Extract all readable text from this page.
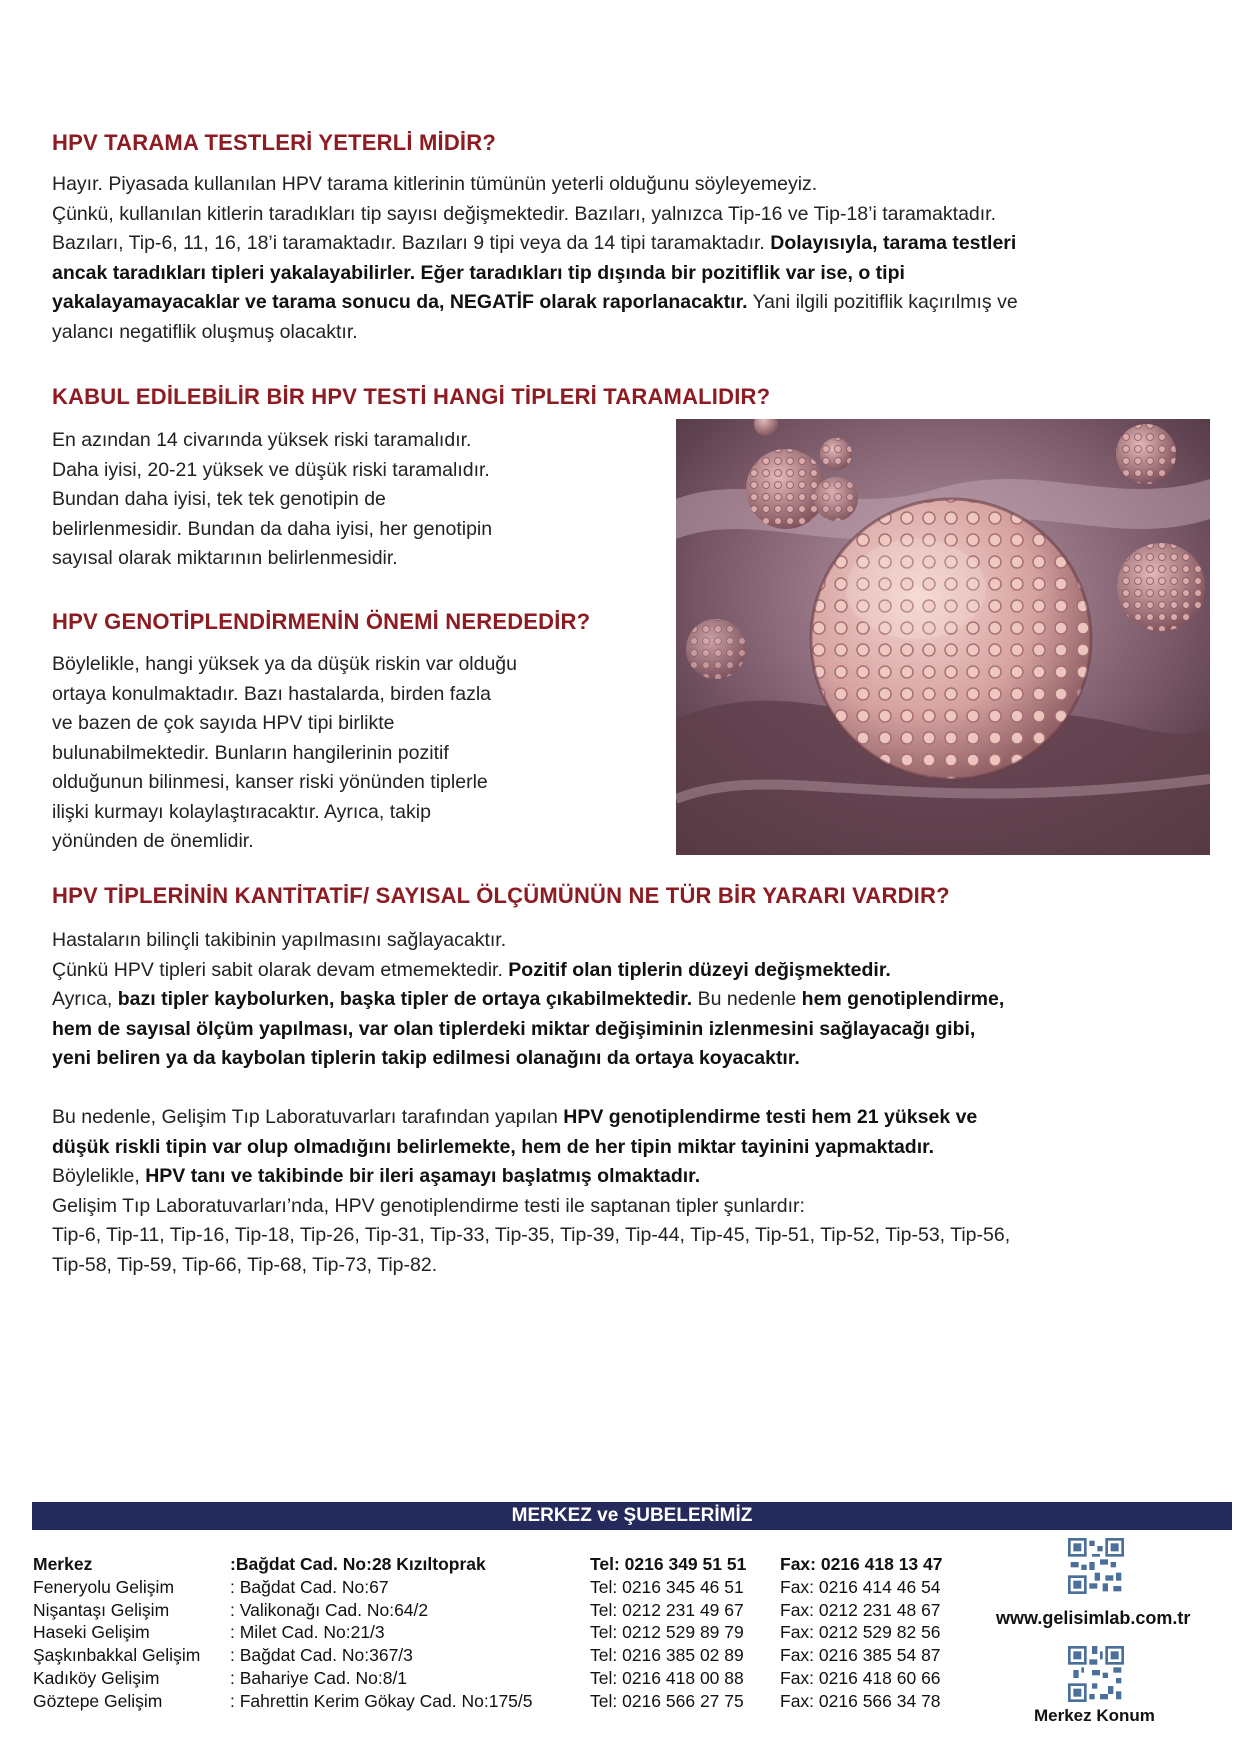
HPV TARAMA TESTLERİ YETERLİ MİDİR?

Hayır. Piyasada kullanılan HPV tarama kitlerinin tümünün yeterli olduğunu söyleyemeyiz.

Çünkü, kullanılan kitlerin taradıkları tip sayısı değişmektedir. Bazıları, yalnızca Tip-16 ve Tip-18’i taramaktadır.

Bazıları, Tip-6, 11, 16, 18’i taramaktadır. Bazıları 9 tipi veya da 14 tipi taramaktadır. Dolayısıyla, tarama testleri

ancak taradıkları tipleri yakalayabilirler. Eğer taradıkları tip dışında bir pozitiflik var ise, o tipi

yakalayamayacaklar ve tarama sonucu da, NEGATİF olarak raporlanacaktır. Yani ilgili pozitiflik kaçırılmış ve

yalancı negatiflik oluşmuş olacaktır.

KABUL EDİLEBİLİR BİR HPV TESTİ HANGİ TİPLERİ TARAMALIDIR?

En azından 14 civarında yüksek riski taramalıdır.

Daha iyisi, 20-21 yüksek ve düşük riski taramalıdır.

Bundan daha iyisi, tek tek genotipin de

belirlenmesidir. Bundan da daha iyisi, her genotipin

sayısal olarak miktarının belirlenmesidir.

HPV GENOTİPLENDİRMENİN ÖNEMİ NEREDEDİR?

Böylelikle, hangi yüksek ya da düşük riskin var olduğu

ortaya konulmaktadır. Bazı hastalarda, birden fazla

ve bazen de çok sayıda HPV tipi birlikte

bulunabilmektedir. Bunların hangilerinin pozitif

olduğunun bilinmesi, kanser riski yönünden tiplerle

ilişki kurmayı kolaylaştıracaktır. Ayrıca, takip

yönünden de önemlidir.

HPV TİPLERİNİN KANTİTATİF/ SAYISAL ÖLÇÜMÜNÜN NE TÜR BİR YARARI VARDIR?

Hastaların bilinçli takibinin yapılmasını sağlayacaktır.

Çünkü HPV tipleri sabit olarak devam etmemektedir. Pozitif olan tiplerin düzeyi değişmektedir.

Ayrıca, bazı tipler kaybolurken, başka tipler de ortaya çıkabilmektedir. Bu nedenle hem genotiplendirme,

hem de sayısal ölçüm yapılması, var olan tiplerdeki miktar değişiminin izlenmesini sağlayacağı gibi,

yeni beliren ya da kaybolan tiplerin takip edilmesi olanağını da ortaya koyacaktır.

Bu nedenle, Gelişim Tıp Laboratuvarları tarafından yapılan HPV genotiplendirme testi hem 21 yüksek ve

düşük riskli tipin var olup olmadığını belirlemekte, hem de her tipin miktar tayinini yapmaktadır.

Böylelikle, HPV tanı ve takibinde bir ileri aşamayı başlatmış olmaktadır.

Gelişim Tıp Laboratuvarları’nda, HPV genotiplendirme testi ile saptanan tipler şunlardır:

Tip-6, Tip-11, Tip-16, Tip-18, Tip-26, Tip-31, Tip-33, Tip-35, Tip-39, Tip-44, Tip-45, Tip-51, Tip-52, Tip-53, Tip-56,

Tip-58, Tip-59, Tip-66, Tip-68, Tip-73, Tip-82.

MERKEZ ve ŞUBELERİMİZ
Merkez
Feneryolu Gelişim
Nişantaşı Gelişim
Haseki Gelişim
Şaşkınbakkal Gelişim
Kadıköy Gelişim
Göztepe Gelişim
:Bağdat Cad. No:28 Kızıltoprak
: Bağdat Cad. No:67
: Valikonağı Cad. No:64/2
: Milet Cad. No:21/3
: Bağdat Cad. No:367/3
: Bahariye Cad. No:8/1
: Fahrettin Kerim Gökay Cad. No:175/5
Tel: 0216 349 51 51
Tel: 0216 345 46 51
Tel: 0212 231 49 67
Tel: 0212 529 89 79
Tel: 0216 385 02 89
Tel: 0216 418 00 88
Tel: 0216 566 27 75
Fax: 0216 418 13 47
Fax: 0216 414 46 54
Fax: 0212 231 48 67
Fax: 0212 529 82 56
Fax: 0216 385 54 87
Fax: 0216 418 60 66
Fax: 0216 566 34 78
www.gelisimlab.com.tr
Merkez Konum
